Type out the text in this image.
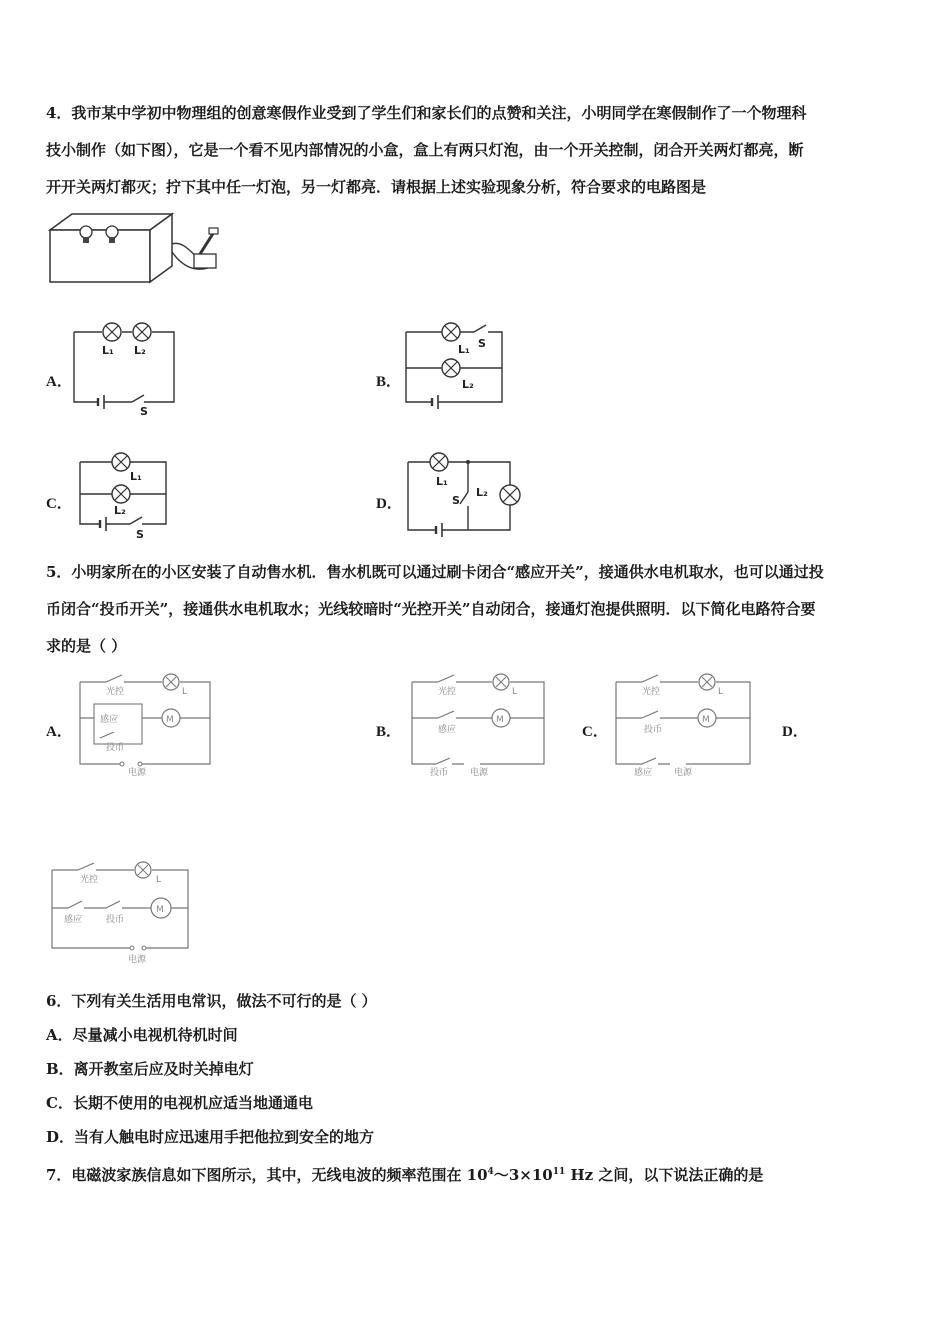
4．我市某中学初中物理组的创意寒假作业受到了学生们和家长们的点赞和关注，小明同学在寒假制作了一个物理科
技小制作（如下图），它是一个看不见内部情况的小盒，盒上有两只灯泡，由一个开关控制，闭合开关两灯都亮，断
开开关两灯都灭；拧下其中任一灯泡，另一灯都亮．请根据上述实验现象分析，符合要求的电路图是
A．
L₁ L₂
S
B．
L₁ S
L₂
C．
L₁
L₂
S
D．
L₁
S
L₂
5．小明家所在的小区安装了自动售水机．售水机既可以通过刷卡闭合“感应开关”，接通供水电机取水，也可以通过投
币闭合“投币开关”，接通供水电机取水；光线较暗时“光控开关”自动闭合，接通灯泡提供照明．以下简化电路符合要
求的是（ ）
A．
M
光控	L
感应
投币
电源
B．
M
光控	L
感应
投币 电源
C．
M
光控	L
投币
感应 电源
D．
M
光控	L
感应	投币
电源
6．下列有关生活用电常识，做法不可行的是（ ）
A．尽量减小电视机待机时间
B．离开教室后应及时关掉电灯
C．长期不使用的电视机应适当地通通电
D．当有人触电时应迅速用手把他拉到安全的地方
7．电磁波家族信息如下图所示，其中，无线电波的频率范围在 $10^4\sim 3\times 10^{11}$ Hz 之间，以下说法正确的是
